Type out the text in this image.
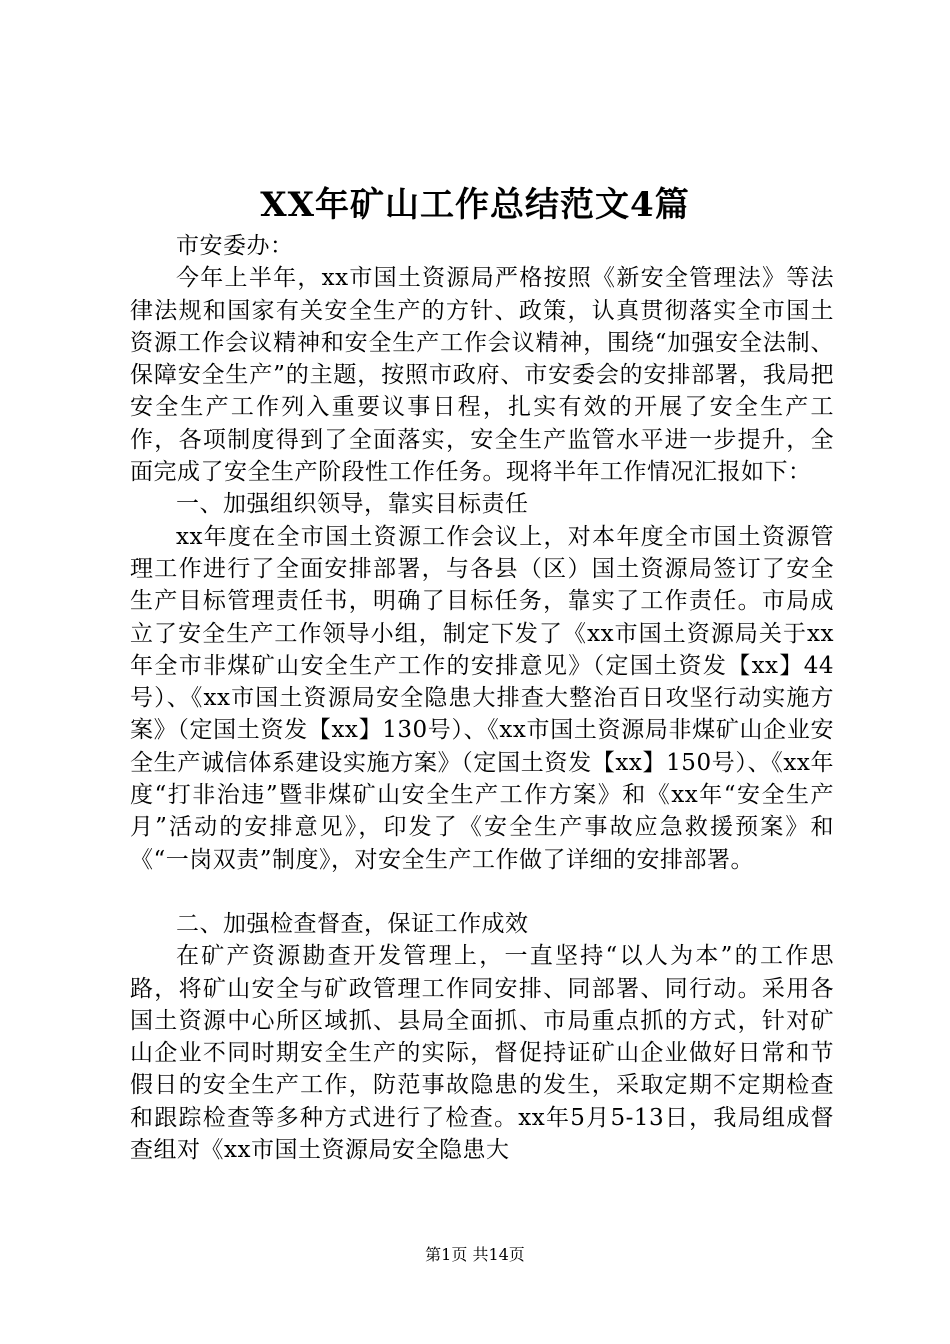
XX年矿山工作总结范文4篇

市安委办：

今年上半年，xx市国土资源局严格按照《新安全管理法》等法律法规和国家有关安全生产的方针、政策，认真贯彻落实全市国土资源工作会议精神和安全生产工作会议精神，围绕“加强安全法制、保障安全生产”的主题，按照市政府、市安委会的安排部署，我局把安全生产工作列入重要议事日程，扎实有效的开展了安全生产工作，各项制度得到了全面落实，安全生产监管水平进一步提升，全面完成了安全生产阶段性工作任务。现将半年工作情况汇报如下：

一、加强组织领导，靠实目标责任

xx年度在全市国土资源工作会议上，对本年度全市国土资源管理工作进行了全面安排部署，与各县（区）国土资源局签订了安全生产目标管理责任书，明确了目标任务，靠实了工作责任。市局成立了安全生产工作领导小组，制定下发了《xx市国土资源局关于xx年全市非煤矿山安全生产工作的安排意见》（定国土资发【xx】44号）、《xx市国土资源局安全隐患大排查大整治百日攻坚行动实施方案》（定国土资发【xx】130号）、《xx市国土资源局非煤矿山企业安全生产诚信体系建设实施方案》（定国土资发【xx】150号）、《xx年度“打非治违”暨非煤矿山安全生产工作方案》和《xx年“安全生产月”活动的安排意见》，印发了《安全生产事故应急救援预案》和《“一岗双责”制度》，对安全生产工作做了详细的安排部署。

二、加强检查督查，保证工作成效

在矿产资源勘查开发管理上，一直坚持“以人为本”的工作思路，将矿山安全与矿政管理工作同安排、同部署、同行动。采用各国土资源中心所区域抓、县局全面抓、市局重点抓的方式，针对矿山企业不同时期安全生产的实际，督促持证矿山企业做好日常和节假日的安全生产工作，防范事故隐患的发生，采取定期不定期检查和跟踪检查等多种方式进行了检查。xx年5月5-13日，我局组成督查组对《xx市国土资源局安全隐患大

第1页 共14页
